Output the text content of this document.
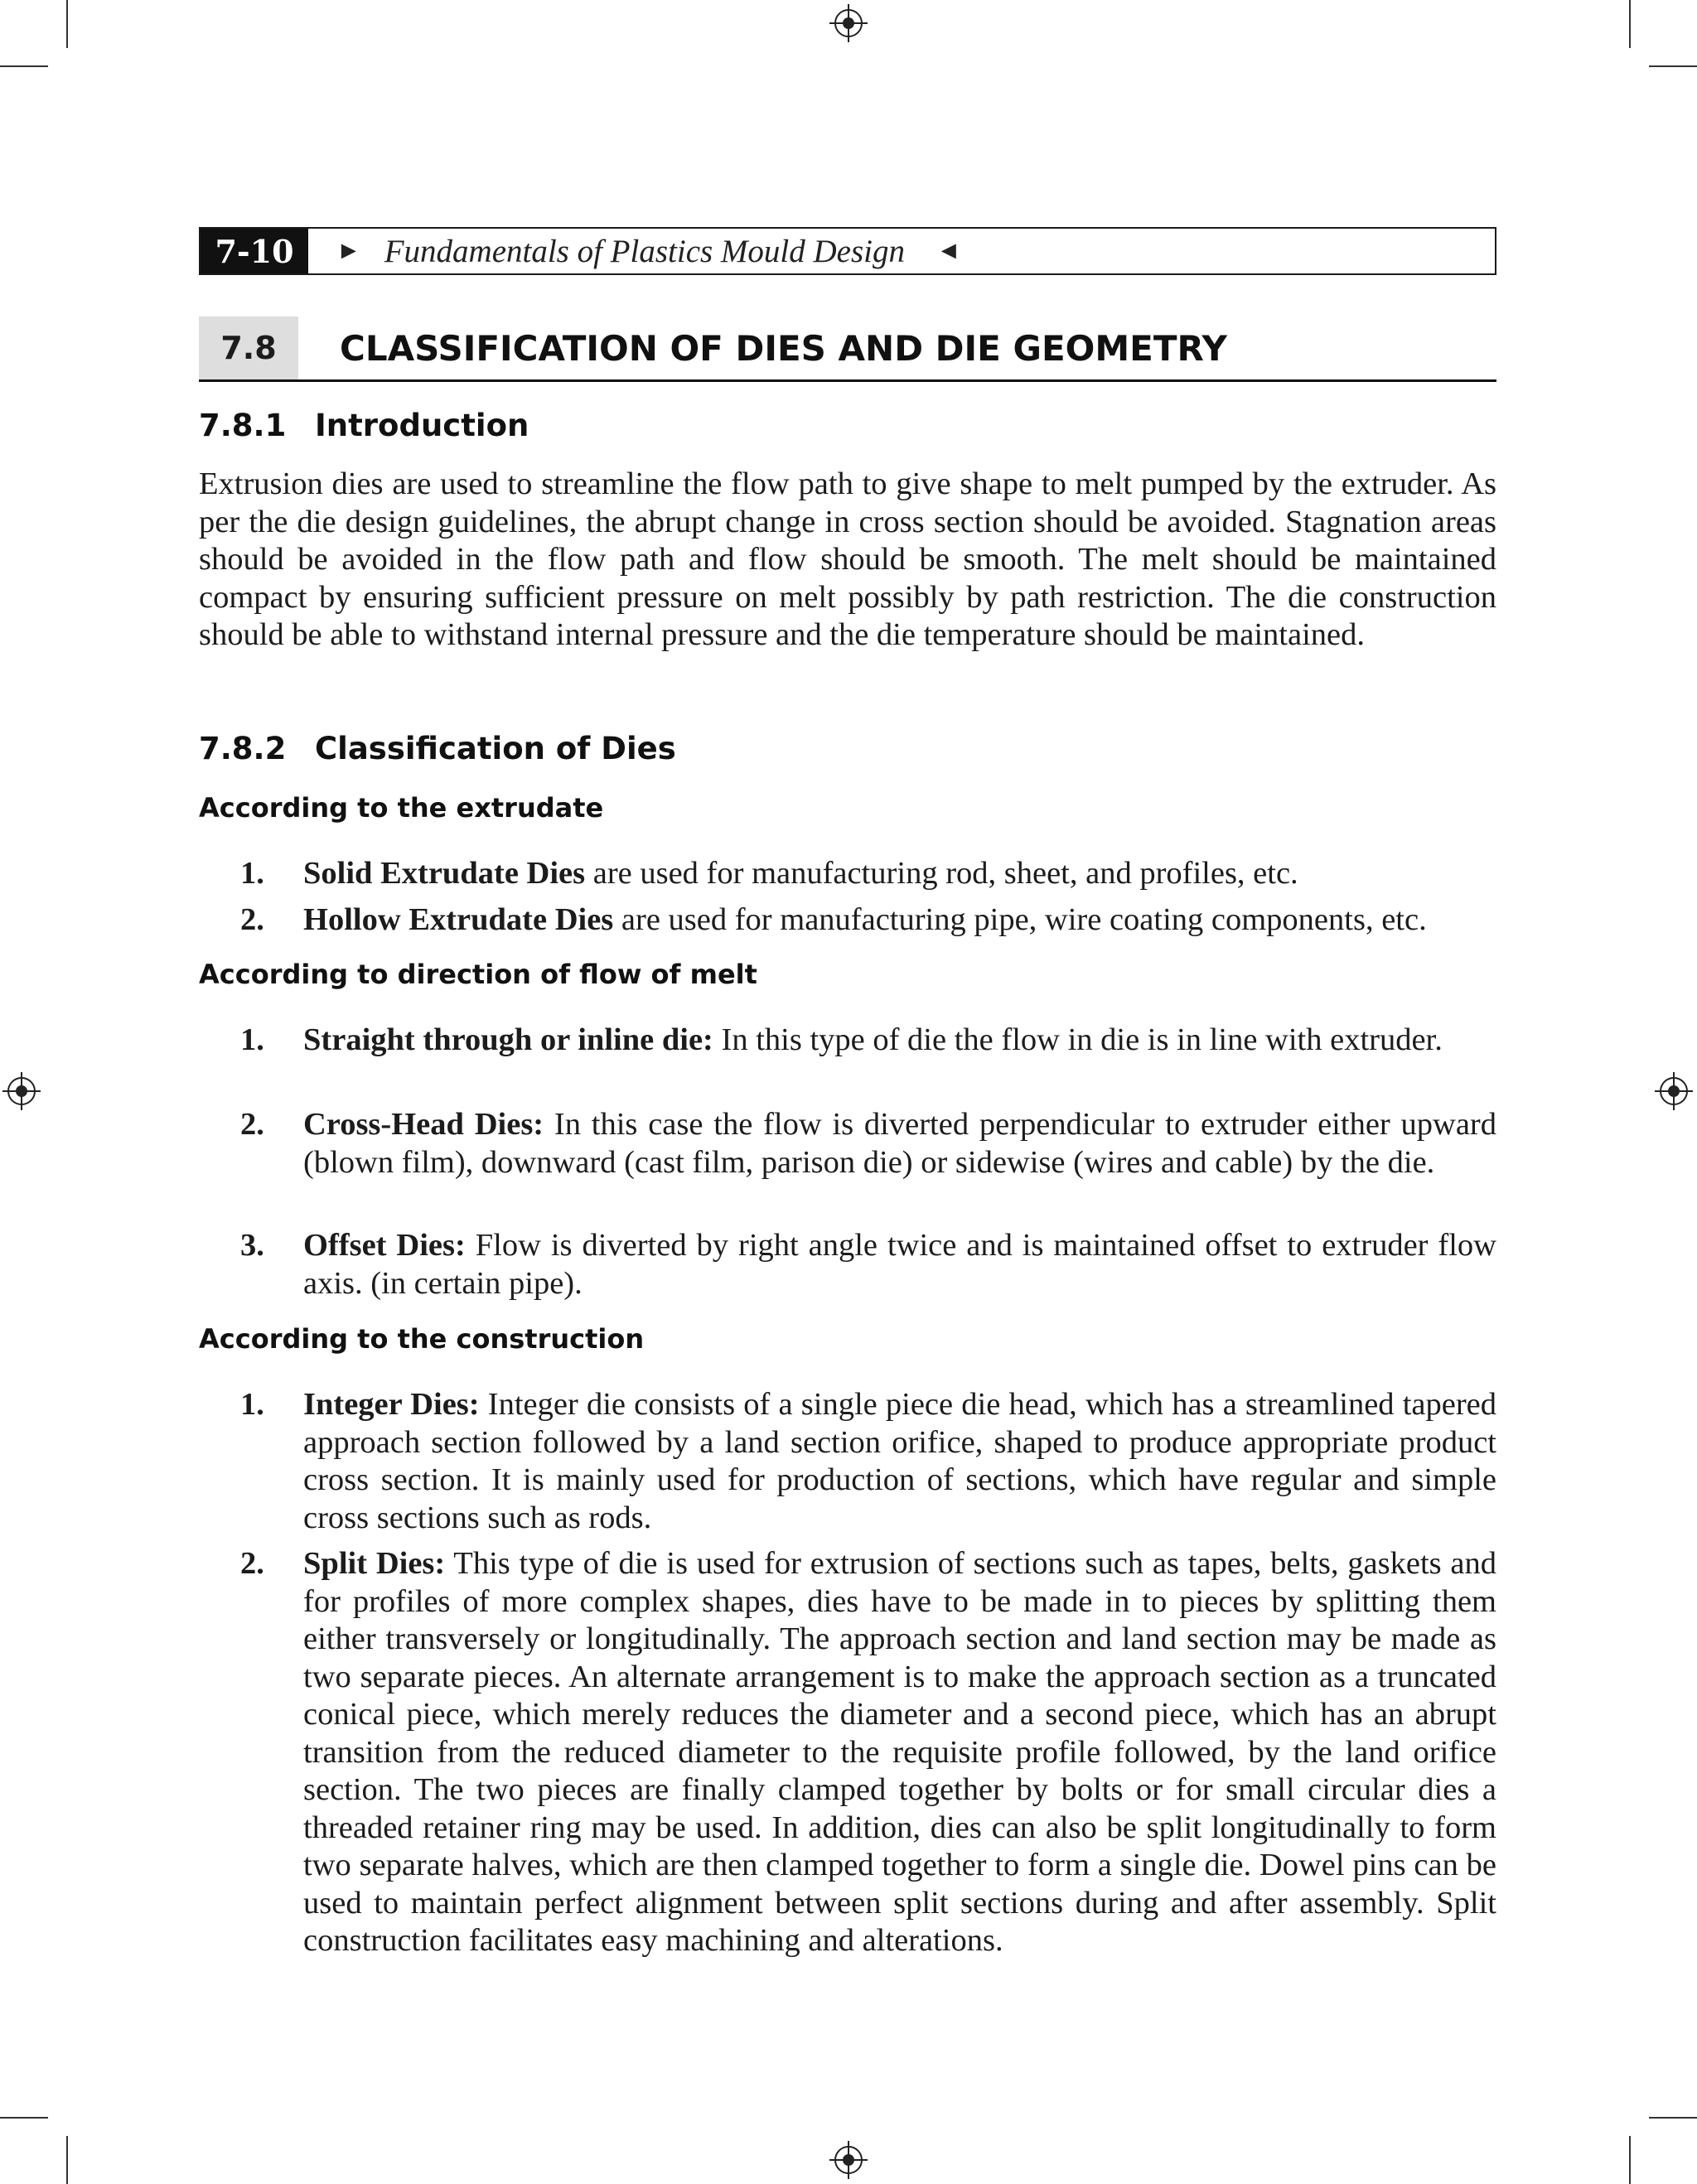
7-10	► Fundamentals of Plastics Mould Design ◄
7.8	CLASSIFICATION OF DIES AND DIE GEOMETRY
7.8.1 Introduction

Extrusion dies are used to streamline the flow path to give shape to melt pumped by the extruder. As per the die design guidelines, the abrupt change in cross section should be avoided. Stagnation areas should be avoided in the flow path and flow should be smooth. The melt should be maintained compact by ensuring sufficient pressure on melt possibly by path restriction. The die construction should be able to withstand internal pressure and the die temperature should be maintained.

7.8.2 Classification of Dies
According to the extrudate
1.	Solid Extrudate Dies are used for manufacturing rod, sheet, and profiles, etc.
2.	Hollow Extrudate Dies are used for manufacturing pipe, wire coating components, etc.
According to direction of flow of melt
1.	Straight through or inline die: In this type of die the flow in die is in line with extruder.
2.	Cross-Head Dies: In this case the flow is diverted perpendicular to extruder either upward (blown film), downward (cast film, parison die) or sidewise (wires and cable) by the die.
3.	Offset Dies: Flow is diverted by right angle twice and is maintained offset to extruder flow axis. (in certain pipe).
According to the construction
1.	Integer Dies: Integer die consists of a single piece die head, which has a streamlined tapered approach section followed by a land section orifice, shaped to produce appropriate product cross section. It is mainly used for production of sections, which have regular and simple cross sections such as rods.
2.	Split Dies: This type of die is used for extrusion of sections such as tapes, belts, gaskets and for profiles of more complex shapes, dies have to be made in to pieces by splitting them either transversely or longitudinally. The approach section and land section may be made as two separate pieces. An alternate arrangement is to make the approach section as a truncated conical piece, which merely reduces the diameter and a second piece, which has an abrupt transition from the reduced diameter to the requisite profile followed, by the land orifice section. The two pieces are finally clamped together by bolts or for small circular dies a threaded retainer ring may be used. In addition, dies can also be split longitudinally to form two separate halves, which are then clamped together to form a single die. Dowel pins can be used to maintain perfect alignment between split sections during and after assembly. Split construction facilitates easy machining and alterations.
